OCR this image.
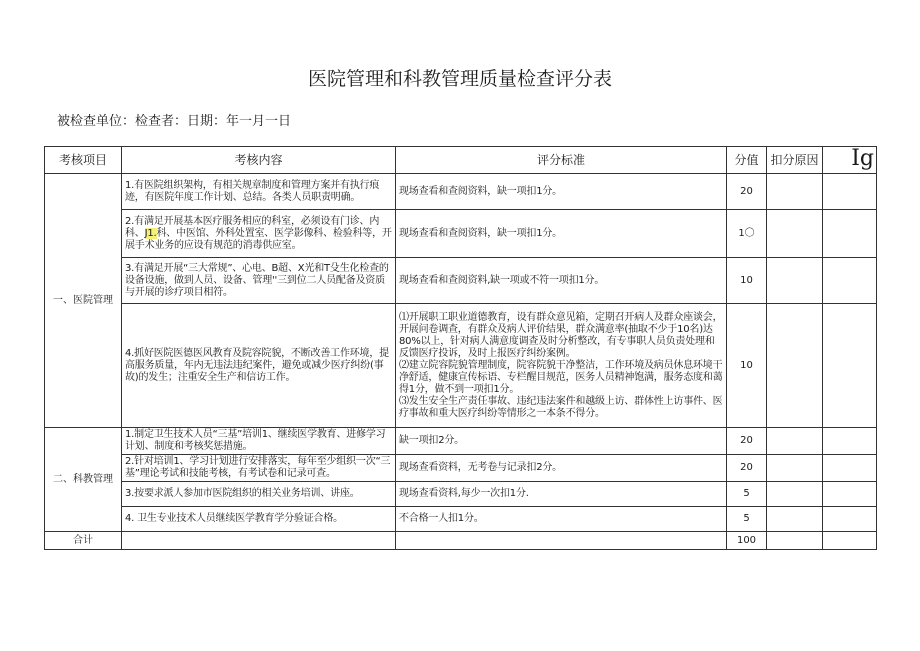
医院管理和科教管理质量检查评分表
被检查单位：检查者：日期：年一月一日
考核项目	考核内容	评分标准	分值	扣分原因	Ig

一、医院管理	1.有医院组织架构，有相关规章制度和管理方案并有执行痕迹，有医院年度工作计划、总结。各类人员职责明确。	现场查看和查阅资料，缺一项扣1分。	20		
	2.有满足开展基本医疗服务相应的科室，必须设有门诊、内科、J1.科、中医馆、外科处置室、医学影像科、检验科等，开展手术业务的应设有规范的消毒供应室。	现场查看和查阅资料，缺一项扣1分。	1〇		
	3.有满足开展“三大常规”、心电、B超、X光和T殳生化检查的设备设施，做到人员、设备、管理''三到位二人员配备及资质与开展的诊疗项目相符。	现场查看和查阅资料,缺一项或不符一项扣1分。	10		
	4.抓好医院医德医风教育及院容院貌，不断改善工作环境，提高服务质量，年内无违法违纪案件，避免或减少医疗纠纷(事故)的发生；注重安全生产和信访工作。	⑴开展职工职业道德教育，设有群众意见箱，定期召开病人及群众座谈会，开展问卷调查，有群众及病人评价结果，群众满意率(抽取不少于10名)达80%以上，针对病人满意度调查及时分析整改，有专事职人员负责处理和反馈医疗投诉，及时上报医疗纠纷案例。
⑵建立院容院貌管理制度，院容院貌干净整洁，工作环境及病员休息环境干净舒适，健康宣传标语、专栏醒目规范，医务人员精神饱满，服务态度和蔼得1分，做不到一项扣1分。
⑶发生安全生产责任事故、违纪违法案件和越级上访、群体性上访事件、医疗事故和重大医疗纠纷等情形之一本条不得分。	10		
二、科教管理	1.制定卫生技术人员“三基”培训1、继续医学教育、进修学习计划、制度和考核奖惩措施。	缺一项扣2分。	20		
	2.针对培训1、学习计划进行安排落实，每年至少组织一次“三基”理论考试和技能考核，有考试卷和记录可查。	现场查看资料，无考卷与记录扣2分。	20		
	3.按要求派人参加市医院组织的相关业务培训、讲座。	现场查看资料,每少一次扣1分.	5		
	4. 卫生专业技术人员继续医学教育学分验证合格。	不合格一人扣1分。	5		
合计			100		
